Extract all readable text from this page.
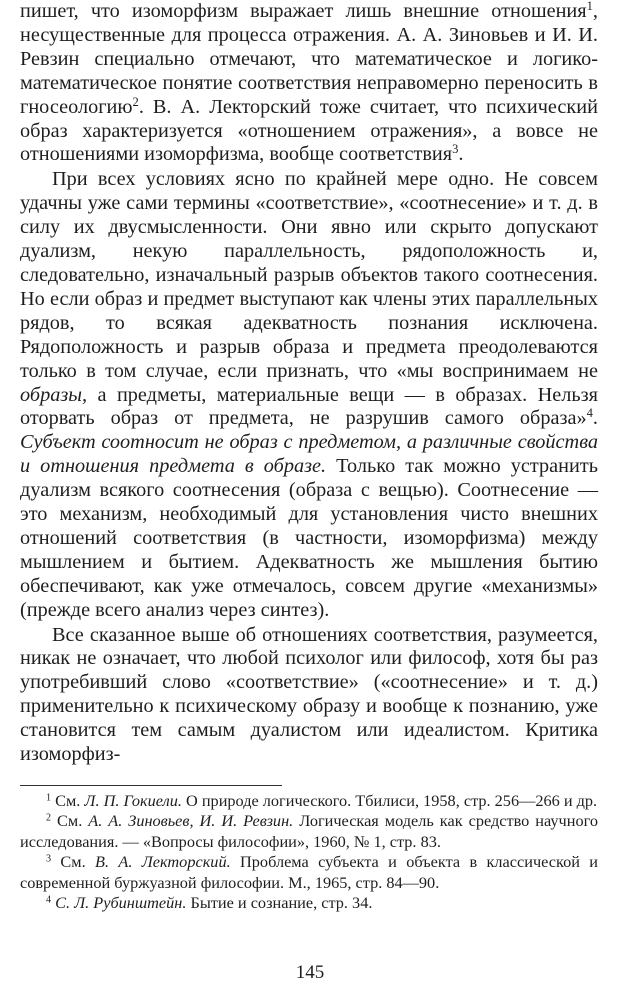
пишет, что изоморфизм выражает лишь внешние отношения$^1$, несущественные для процесса отражения. А. А. Зиновьев и И. И. Ревзин специально отмечают, что математическое и логико-математическое понятие соответствия неправомерно переносить в гносеологию$^2$. В. А. Лекторский тоже считает, что психический образ характеризуется «отношением отражения», а вовсе не отношениями изоморфизма, вообще соответствия$^3$.

При всех условиях ясно по крайней мере одно. Не совсем удачны уже сами термины «соответствие», «соотнесение» и т. д. в силу их двусмысленности. Они явно или скрыто допускают дуализм, некую параллельность, рядоположность и, следовательно, изначальный разрыв объектов такого соотнесения. Но если образ и предмет выступают как члены этих параллельных рядов, то всякая адекватность познания исключена. Рядоположность и разрыв образа и предмета преодолеваются только в том случае, если признать, что «мы воспринимаем не образы, а предметы, материальные вещи — в образах. Нельзя оторвать образ от предмета, не разрушив самого образа»$^4$. Субъект соотносит не образ с предметом, а различные свойства и отношения предмета в образе. Только так можно устранить дуализм всякого соотнесения (образа с вещью). Соотнесение — это механизм, необходимый для установления чисто внешних отношений соответствия (в частности, изоморфизма) между мышлением и бытием. Адекватность же мышления бытию обеспечивают, как уже отмечалось, совсем другие «механизмы» (прежде всего анализ через синтез).

Все сказанное выше об отношениях соответствия, разумеется, никак не означает, что любой психолог или философ, хотя бы раз употребивший слово «соответствие» («соотнесение» и т. д.) применительно к психическому образу и вообще к познанию, уже становится тем самым дуалистом или идеалистом. Критика изоморфиз-

$^1$ См. Л. П. Гокиели. О природе логического. Тбилиси, 1958, стр. 256—266 и др.

$^2$ См. А. А. Зиновьев, И. И. Ревзин. Логическая модель как средство научного исследования. — «Вопросы философии», 1960, № 1, стр. 83.

$^3$ См. В. А. Лекторский. Проблема субъекта и объекта в классической и современной буржуазной философии. М., 1965, стр. 84—90.

$^4$ С. Л. Рубинштейн. Бытие и сознание, стр. 34.

145
